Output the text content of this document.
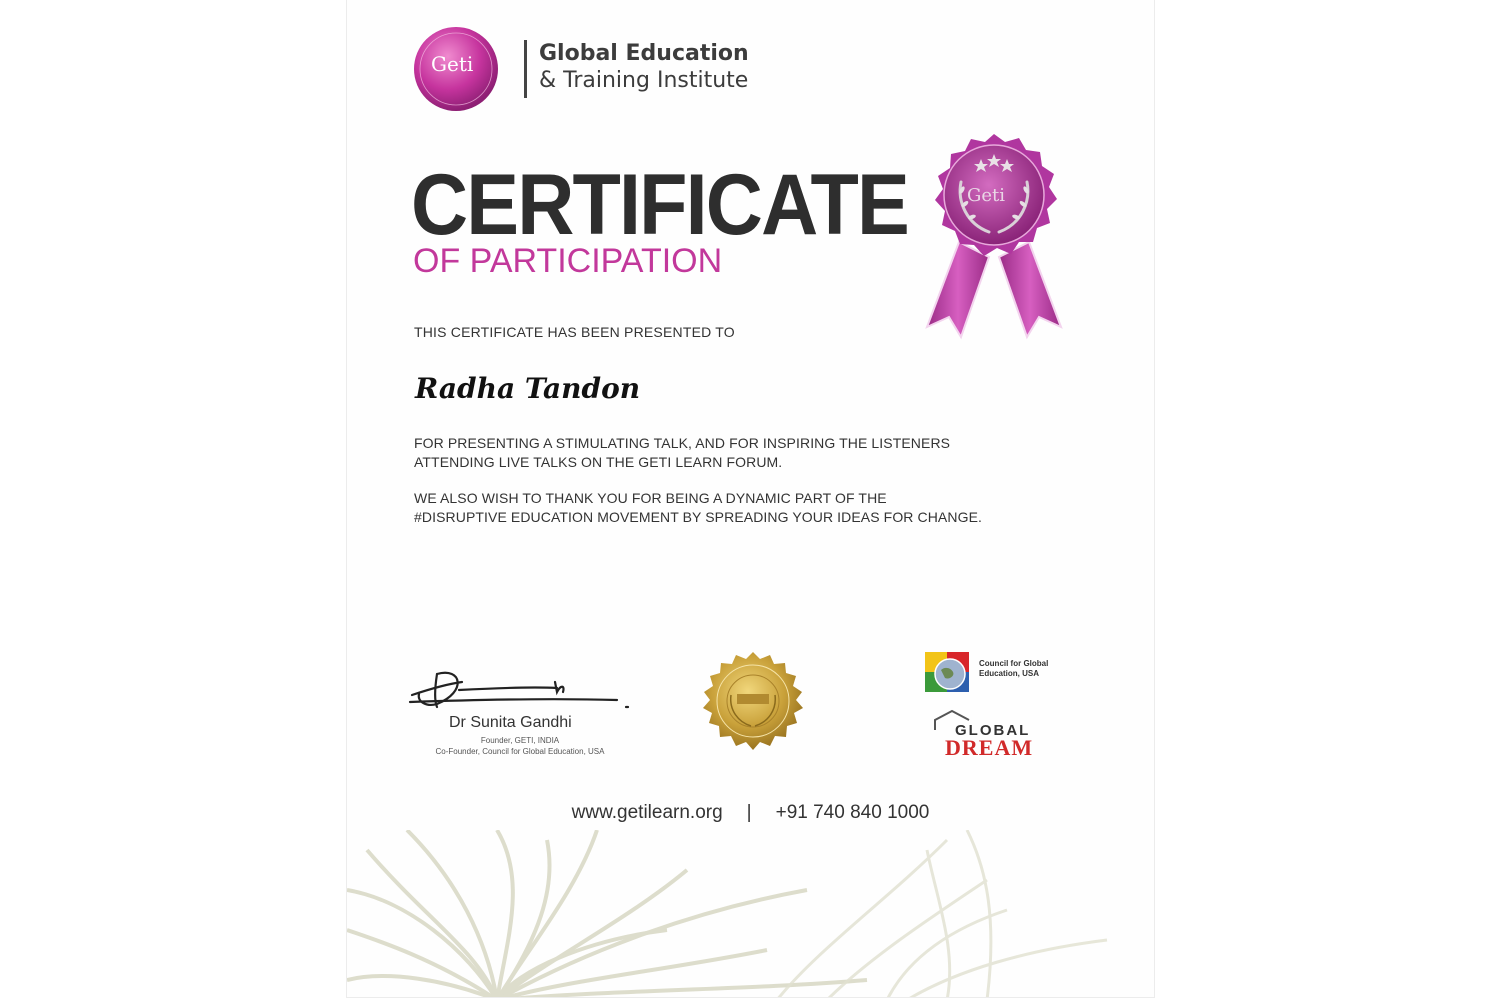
Geti	Global Education
& Training Institute
CERTIFICATE
OF PARTICIPATION
Geti
THIS CERTIFICATE HAS BEEN PRESENTED TO
Radha Tandon
FOR PRESENTING A STIMULATING TALK, AND FOR INSPIRING THE LISTENERS
ATTENDING LIVE TALKS ON THE GETI LEARN FORUM.
WE ALSO WISH TO THANK YOU FOR BEING A DYNAMIC PART OF THE
#DISRUPTIVE EDUCATION MOVEMENT BY SPREADING YOUR IDEAS FOR CHANGE.
Dr Sunita Gandhi
Founder, GETI, INDIA
Co-Founder, Council for Global Education, USA
Council for Global
Education, USA
GLOBAL
DREAM
www.getilearn.org | +91 740 840 1000
